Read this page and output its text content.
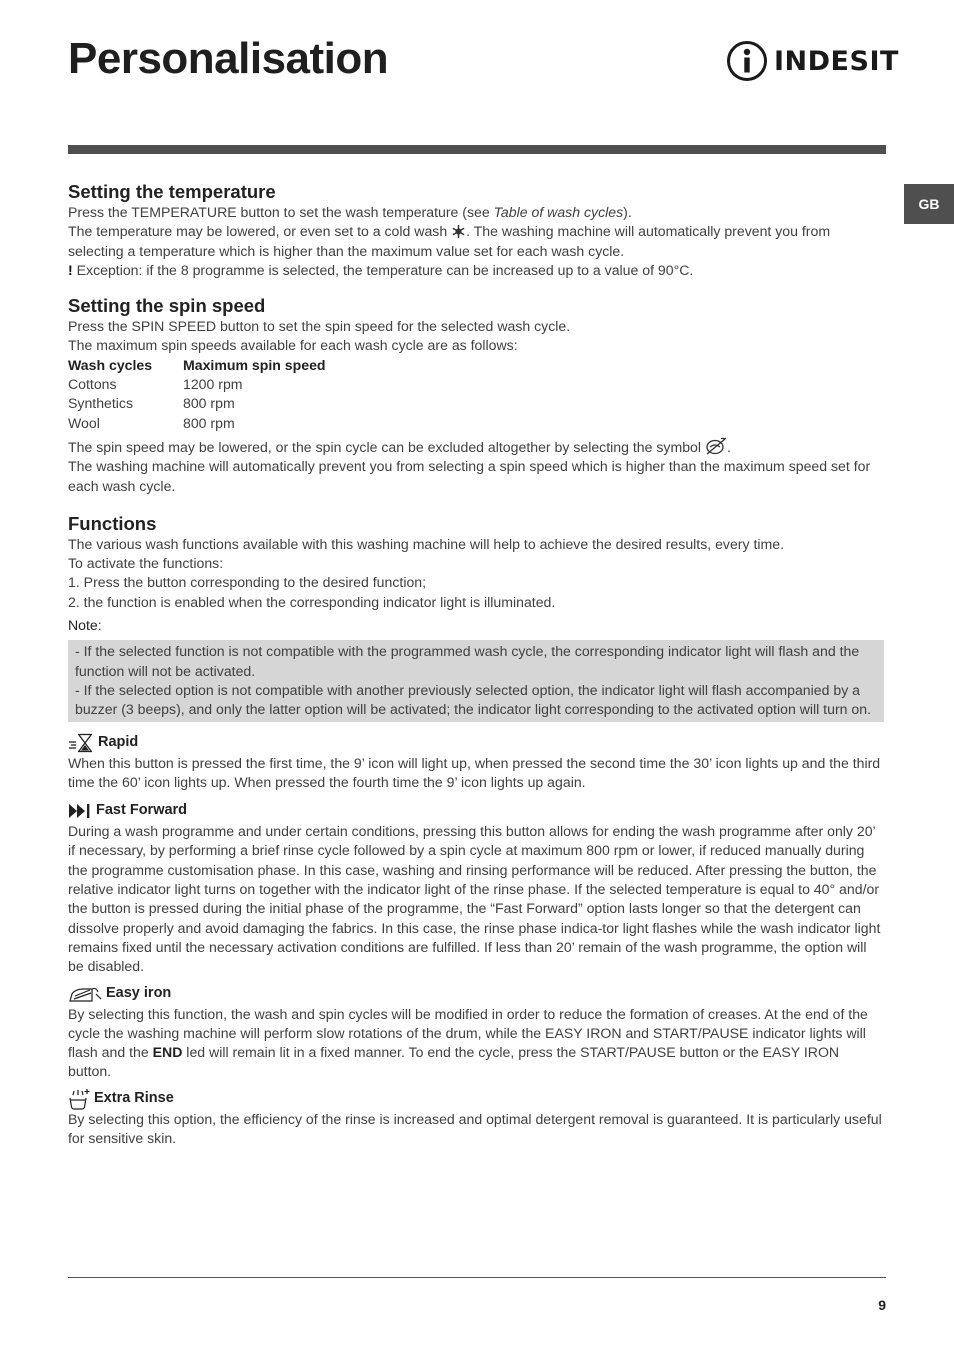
Personalisation	INDESIT
GB
Setting the temperature

Press the TEMPERATURE button to set the wash temperature (see Table of wash cycles).

The temperature may be lowered, or even set to a cold wash . The washing machine will automatically prevent you from selecting a temperature which is higher than the maximum value set for each wash cycle.

! Exception: if the 8 programme is selected, the temperature can be increased up to a value of 90°C.

Setting the spin speed

Press the SPIN SPEED button to set the spin speed for the selected wash cycle.

The maximum spin speeds available for each wash cycle are as follows:

Wash cycles	Maximum spin speed
Cottons	1200 rpm
Synthetics	800 rpm
Wool	800 rpm

The spin speed may be lowered, or the spin cycle can be excluded altogether by selecting the symbol .

The washing machine will automatically prevent you from selecting a spin speed which is higher than the maximum speed set for each wash cycle.

Functions

The various wash functions available with this washing machine will help to achieve the desired results, every time.

To activate the functions:

1. Press the button corresponding to the desired function;

2. the function is enabled when the corresponding indicator light is illuminated.

Note:

- If the selected function is not compatible with the programmed wash cycle, the corresponding indicator light will flash and the function will not be activated.

- If the selected option is not compatible with another previously selected option, the indicator light will flash accompanied by a buzzer (3 beeps), and only the latter option will be activated; the indicator light corresponding to the activated option will turn on.

Rapid

When this button is pressed the first time, the 9’ icon will light up, when pressed the second time the 30’ icon lights up and the third time the 60’ icon lights up. When pressed the fourth time the 9’ icon lights up again.

Fast Forward

During a wash programme and under certain conditions, pressing this button allows for ending the wash programme after only 20’ if necessary, by performing a brief rinse cycle followed by a spin cycle at maximum 800 rpm or lower, if reduced manually during the programme customisation phase. In this case, washing and rinsing performance will be reduced. After pressing the button, the relative indicator light turns on together with the indicator light of the rinse phase. If the selected temperature is equal to 40° and/or the button is pressed during the initial phase of the programme, the “Fast Forward” option lasts longer so that the detergent can dissolve properly and avoid damaging the fabrics. In this case, the rinse phase indica-tor light flashes while the wash indicator light remains fixed until the necessary activation conditions are fulfilled. If less than 20’ remain of the wash programme, the option will be disabled.

Easy iron

By selecting this function, the wash and spin cycles will be modified in order to reduce the formation of creases. At the end of the cycle the washing machine will perform slow rotations of the drum, while the EASY IRON and START/PAUSE indicator lights will flash and the END led will remain lit in a fixed manner. To end the cycle, press the START/PAUSE button or the EASY IRON button.

Extra Rinse

By selecting this option, the efficiency of the rinse is increased and optimal detergent removal is guaranteed. It is particularly useful for sensitive skin.

9
